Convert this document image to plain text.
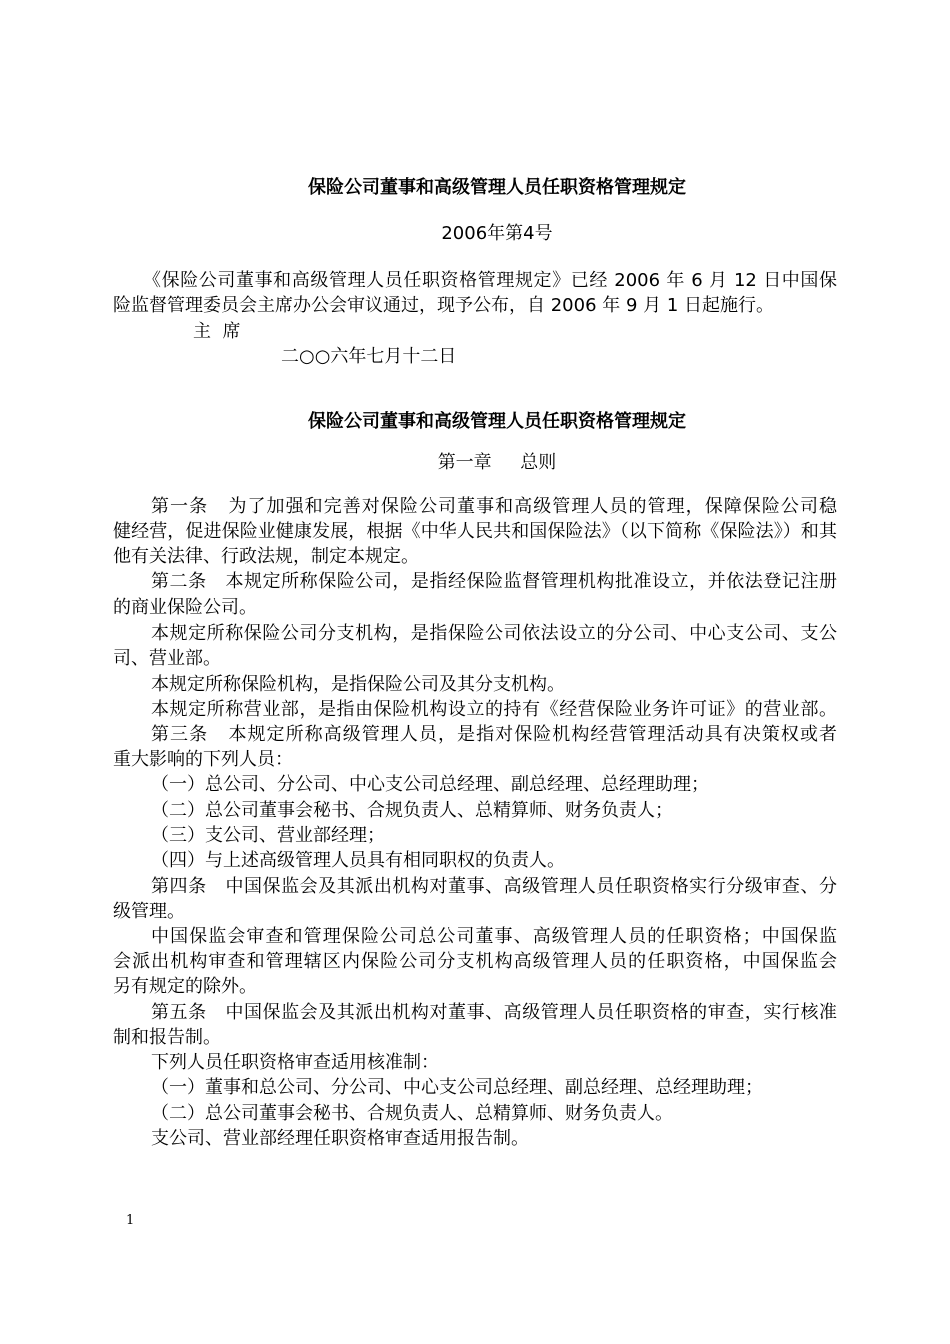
保险公司董事和高级管理人员任职资格管理规定
2006年第4号
《保险公司董事和高级管理人员任职资格管理规定》已经 2006 年 6 月 12 日中国保
险监督管理委员会主席办公会审议通过，现予公布，自 2006 年 9 月 1 日起施行。
主  席
二○○六年七月十二日
保险公司董事和高级管理人员任职资格管理规定
第一章     总则
第一条   为了加强和完善对保险公司董事和高级管理人员的管理，保障保险公司稳
健经营，促进保险业健康发展，根据《中华人民共和国保险法》（以下简称《保险法》）和其
他有关法律、行政法规，制定本规定。
第二条   本规定所称保险公司，是指经保险监督管理机构批准设立，并依法登记注册
的商业保险公司。
本规定所称保险公司分支机构，是指保险公司依法设立的分公司、中心支公司、支公
司、营业部。
本规定所称保险机构，是指保险公司及其分支机构。
本规定所称营业部，是指由保险机构设立的持有《经营保险业务许可证》的营业部。
第三条   本规定所称高级管理人员，是指对保险机构经营管理活动具有决策权或者
重大影响的下列人员：
（一）总公司、分公司、中心支公司总经理、副总经理、总经理助理；
（二）总公司董事会秘书、合规负责人、总精算师、财务负责人；
（三）支公司、营业部经理；
（四）与上述高级管理人员具有相同职权的负责人。
第四条   中国保监会及其派出机构对董事、高级管理人员任职资格实行分级审查、分
级管理。
中国保监会审查和管理保险公司总公司董事、高级管理人员的任职资格；中国保监
会派出机构审查和管理辖区内保险公司分支机构高级管理人员的任职资格，中国保监会
另有规定的除外。
第五条   中国保监会及其派出机构对董事、高级管理人员任职资格的审查，实行核准
制和报告制。
下列人员任职资格审查适用核准制：
（一）董事和总公司、分公司、中心支公司总经理、副总经理、总经理助理；
（二）总公司董事会秘书、合规负责人、总精算师、财务负责人。
支公司、营业部经理任职资格审查适用报告制。
1
